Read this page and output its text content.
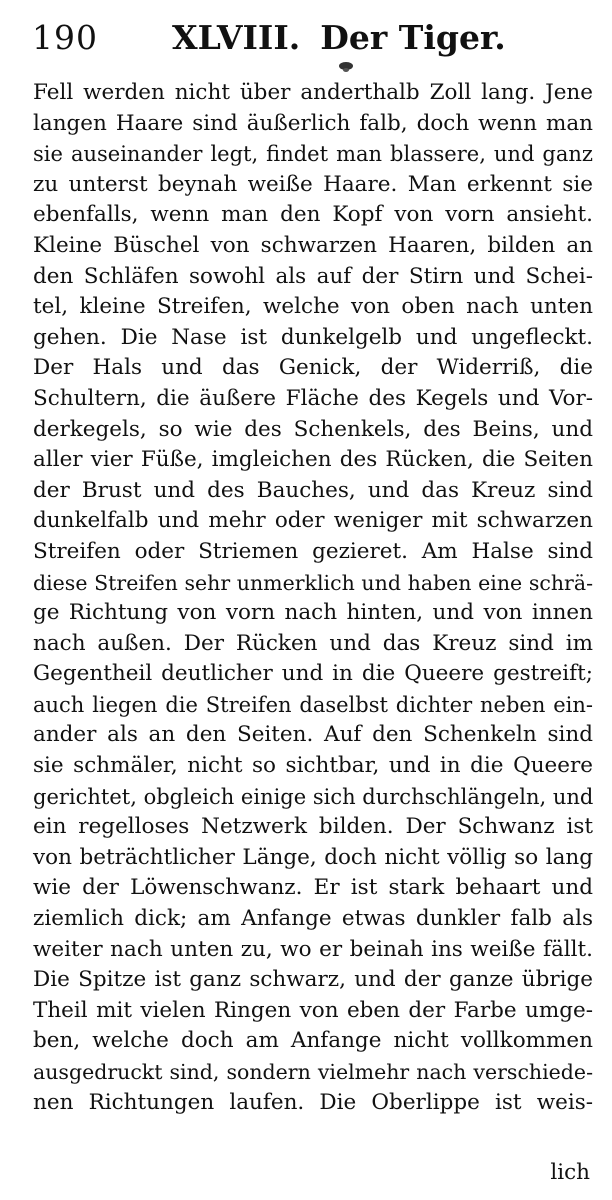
190 XLVIII. Der Tiger.
Fell werden nicht über anderthalb Zoll lang. Jene
langen Haare sind äußerlich falb, doch wenn man
sie auseinander legt, findet man blassere, und ganz
zu unterst beynah weiße Haare. Man erkennt sie
ebenfalls, wenn man den Kopf von vorn ansieht.
Kleine Büschel von schwarzen Haaren, bilden an
den Schläfen sowohl als auf der Stirn und Schei-
tel, kleine Streifen, welche von oben nach unten
gehen. Die Nase ist dunkelgelb und ungefleckt.
Der Hals und das Genick, der Widerriß, die
Schultern, die äußere Fläche des Kegels und Vor-
derkegels, so wie des Schenkels, des Beins, und
aller vier Füße, imgleichen des Rücken, die Seiten
der Brust und des Bauches, und das Kreuz sind
dunkelfalb und mehr oder weniger mit schwarzen
Streifen oder Striemen gezieret. Am Halse sind
diese Streifen sehr unmerklich und haben eine schrä-
ge Richtung von vorn nach hinten, und von innen
nach außen. Der Rücken und das Kreuz sind im
Gegentheil deutlicher und in die Queere gestreift;
auch liegen die Streifen daselbst dichter neben ein-
ander als an den Seiten. Auf den Schenkeln sind
sie schmäler, nicht so sichtbar, und in die Queere
gerichtet, obgleich einige sich durchschlängeln, und
ein regelloses Netzwerk bilden. Der Schwanz ist
von beträchtlicher Länge, doch nicht völlig so lang
wie der Löwenschwanz. Er ist stark behaart und
ziemlich dick; am Anfange etwas dunkler falb als
weiter nach unten zu, wo er beinah ins weiße fällt.
Die Spitze ist ganz schwarz, und der ganze übrige
Theil mit vielen Ringen von eben der Farbe umge-
ben, welche doch am Anfange nicht vollkommen
ausgedruckt sind, sondern vielmehr nach verschiede-
nen Richtungen laufen. Die Oberlippe ist weis-
lich
